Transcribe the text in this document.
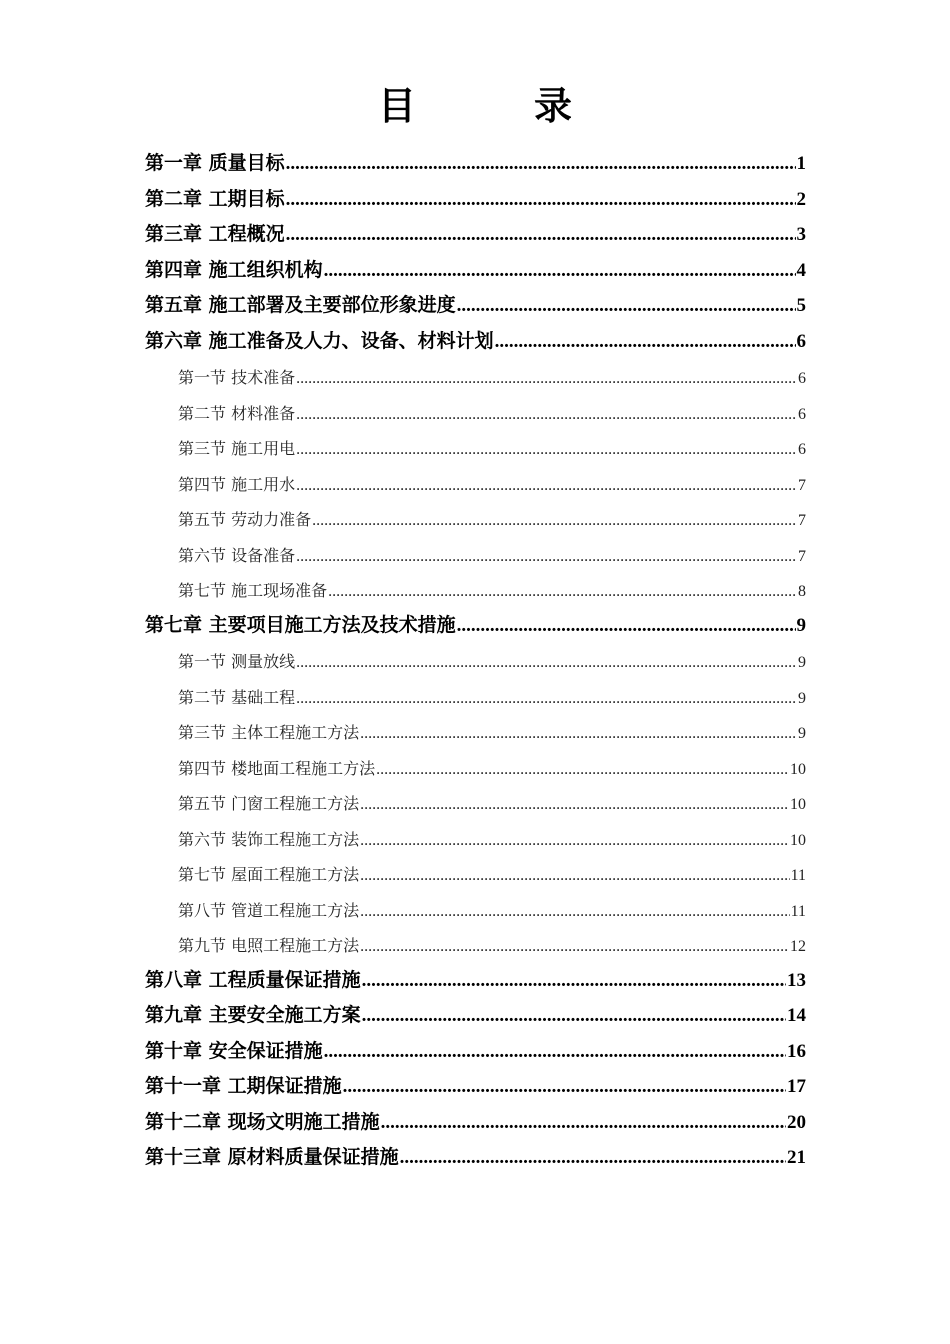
目　录
第一章 质量目标 .....	1
第二章 工期目标 .....	2
第三章 工程概况 .....	3
第四章 施工组织机构 .....	4
第五章 施工部署及主要部位形象进度 .....	5
第六章 施工准备及人力、设备、材料计划 .....	6
第一节 技术准备 .....	6
第二节 材料准备 .....	6
第三节 施工用电 .....	6
第四节 施工用水 .....	7
第五节 劳动力准备 .....	7
第六节 设备准备 .....	7
第七节 施工现场准备 .....	8
第七章 主要项目施工方法及技术措施 .....	9
第一节 测量放线 .....	9
第二节 基础工程 .....	9
第三节 主体工程施工方法 .....	9
第四节 楼地面工程施工方法 .....	10
第五节 门窗工程施工方法 .....	10
第六节 装饰工程施工方法 .....	10
第七节 屋面工程施工方法 .....	11
第八节 管道工程施工方法 .....	11
第九节 电照工程施工方法 .....	12
第八章 工程质量保证措施 .....	13
第九章 主要安全施工方案 .....	14
第十章 安全保证措施 .....	16
第十一章 工期保证措施 .....	17
第十二章 现场文明施工措施 .....	20
第十三章 原材料质量保证措施 .....	21
